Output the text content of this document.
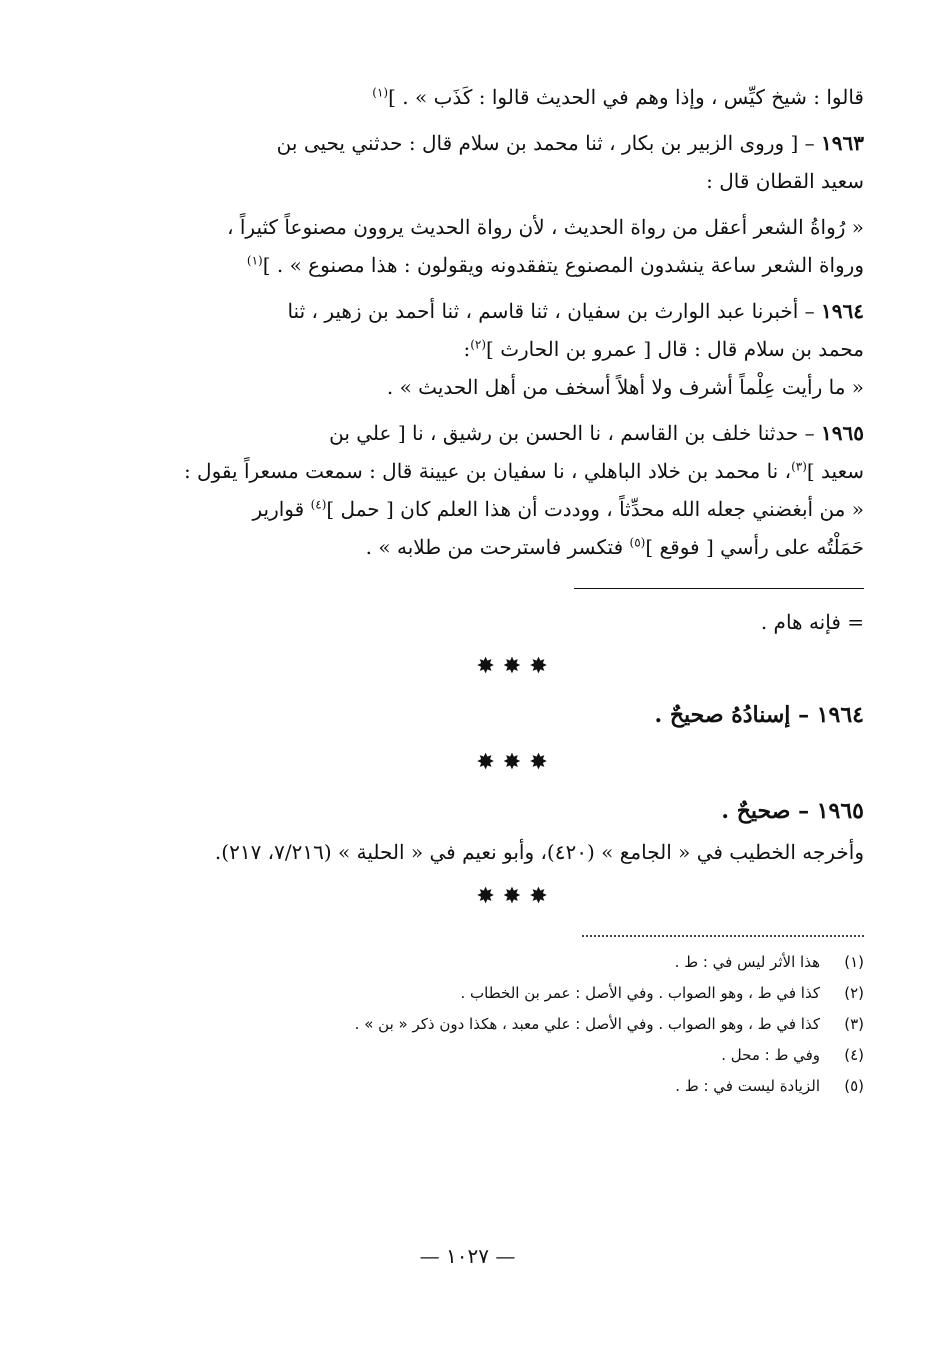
قالوا : شيخ كيِّس ، وإذا وهم في الحديث قالوا : كَذَب » . ]$^{(١)}$
١٩٦٣ – [ وروى الزبير بن بكار ، ثنا محمد بن سلام قال : حدثني يحيى بن
سعيد القطان قال :
« رُواةُ الشعر أعقل من رواة الحديث ، لأن رواة الحديث يروون مصنوعاً كثيراً ،
ورواة الشعر ساعة ينشدون المصنوع يتفقدونه ويقولون : هذا مصنوع » . ]$^{(١)}$
١٩٦٤ – أخبرنا عبد الوارث بن سفيان ، ثنا قاسم ، ثنا أحمد بن زهير ، ثنا
محمد بن سلام قال : قال [ عمرو بن الحارث ]$^{(٢)}$:
« ما رأيت عِلْماً أشرف ولا أهلاً أسخف من أهل الحديث » .
١٩٦٥ – حدثنا خلف بن القاسم ، نا الحسن بن رشيق ، نا [ علي بن
سعيد ]$^{(٣)}$، نا محمد بن خلاد الباهلي ، نا سفيان بن عيينة قال : سمعت مسعراً يقول :
« من أبغضني جعله الله محدِّثاً ، ووددت أن هذا العلم كان [ حمل ]$^{(٤)}$ قوارير
حَمَلْتُه على رأسي [ فوقع ]$^{(٥)}$ فتكسر فاسترحت من طلابه » .
= فإنه هام .
✸✸✸
١٩٦٤ – إسنادُهُ صحيحٌ .
✸✸✸
١٩٦٥ – صحيحٌ .
وأخرجه الخطيب في « الجامع » (٤٢٠)، وأبو نعيم في « الحلية » (٧/٢١٦، ٢١٧).
✸✸✸
(١)
هذا الأثر ليس في : ط .
(٢)
كذا في ط ، وهو الصواب . وفي الأصل : عمر بن الخطاب .
(٣)
كذا في ط ، وهو الصواب . وفي الأصل : علي معبد ، هكذا دون ذكر « بن » .
(٤)
وفي ط : محل .
(٥)
الزيادة ليست في : ط .
— ١٠٢٧ —
